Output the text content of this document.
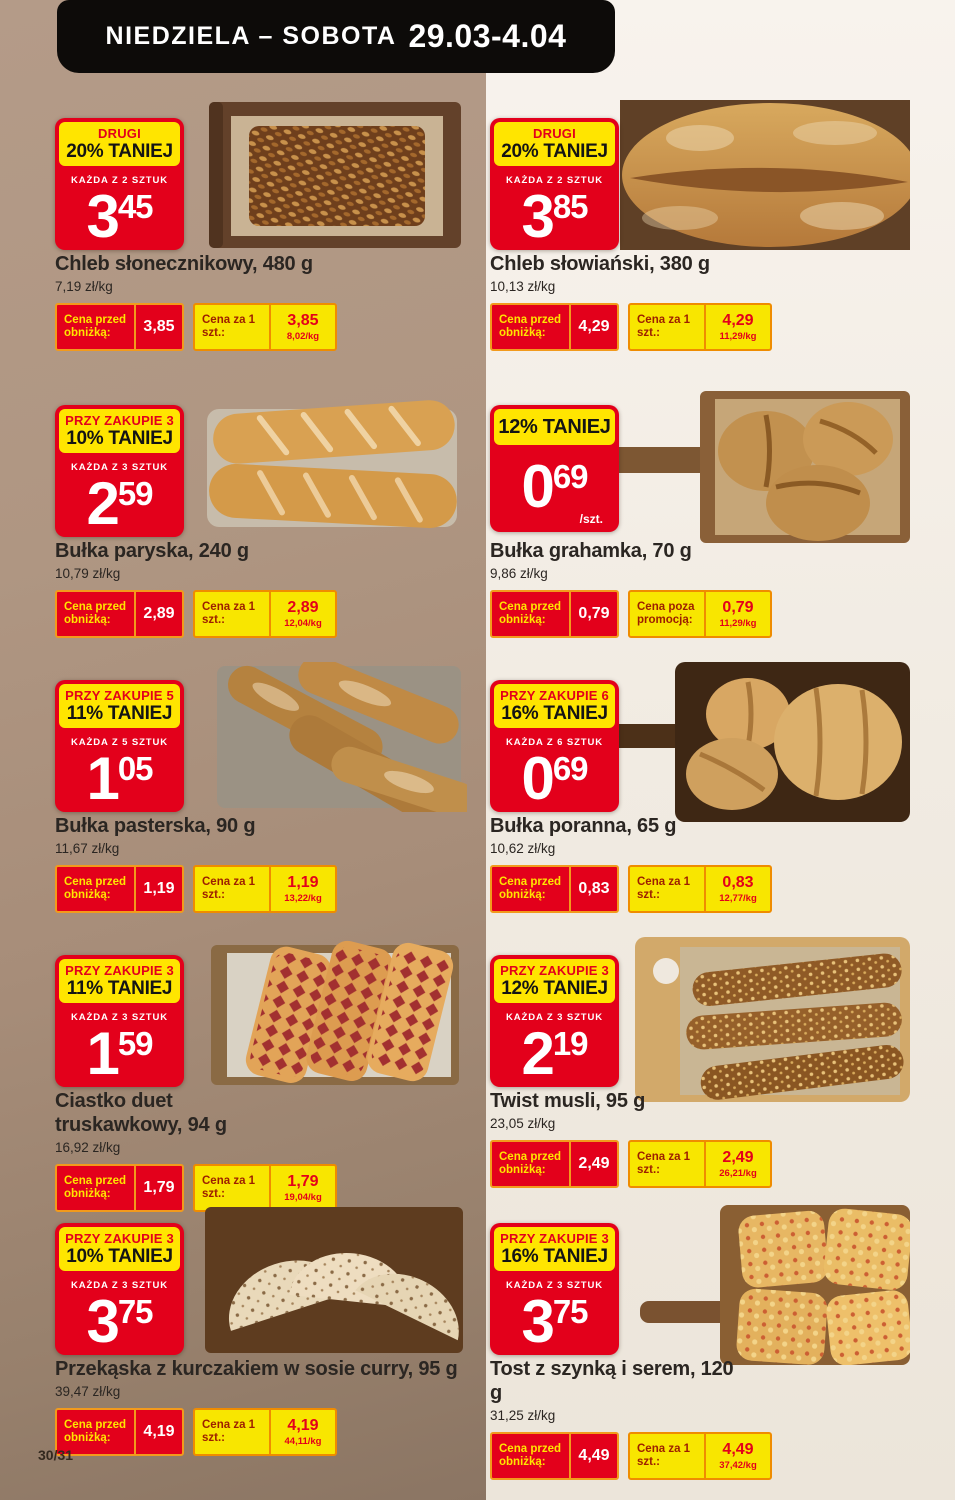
NIEDZIELA – SOBOTA 29.03-4.04
DRUGI
20% TANIEJ
KAŻDA Z 2 SZTUK
3 45
Chleb słonecznikowy, 480 g
7,19 zł/kg
Cena przed obniżką:	3,85	Cena za 1 szt.:
3,85
8,02/kg
DRUGI
20% TANIEJ
KAŻDA Z 2 SZTUK
3 85
Chleb słowiański, 380 g
10,13 zł/kg
Cena przed obniżką:	4,29	Cena za 1 szt.:
4,29
11,29/kg
PRZY ZAKUPIE 3
10% TANIEJ
KAŻDA Z 3 SZTUK
2 59
Bułka paryska, 240 g
10,79 zł/kg
Cena przed obniżką:	2,89	Cena za 1 szt.:
2,89
12,04/kg
12% TANIEJ
0 69
/szt.
Bułka grahamka, 70 g
9,86 zł/kg
Cena przed obniżką:	0,79	Cena poza promocją:
0,79
11,29/kg
PRZY ZAKUPIE 5
11% TANIEJ
KAŻDA Z 5 SZTUK
1 05
Bułka pasterska, 90 g
11,67 zł/kg
Cena przed obniżką:	1,19	Cena za 1 szt.:
1,19
13,22/kg
PRZY ZAKUPIE 6
16% TANIEJ
KAŻDA Z 6 SZTUK
0 69
Bułka poranna, 65 g
10,62 zł/kg
Cena przed obniżką:	0,83	Cena za 1 szt.:
0,83
12,77/kg
PRZY ZAKUPIE 3
11% TANIEJ
KAŻDA Z 3 SZTUK
1 59
Ciastko duet truskawkowy, 94 g
16,92 zł/kg
Cena przed obniżką:	1,79	Cena za 1 szt.:
1,79
19,04/kg
PRZY ZAKUPIE 3
12% TANIEJ
KAŻDA Z 3 SZTUK
2 19
Twist musli, 95 g
23,05 zł/kg
Cena przed obniżką:	2,49	Cena za 1 szt.:
2,49
26,21/kg
PRZY ZAKUPIE 3
10% TANIEJ
KAŻDA Z 3 SZTUK
3 75
Przekąska z kurczakiem w sosie curry, 95 g
39,47 zł/kg
Cena przed obniżką:	4,19	Cena za 1 szt.:
4,19
44,11/kg
PRZY ZAKUPIE 3
16% TANIEJ
KAŻDA Z 3 SZTUK
3 75
Tost z szynką i serem, 120 g
31,25 zł/kg
Cena przed obniżką:	4,49	Cena za 1 szt.:
4,49
37,42/kg
30/31
